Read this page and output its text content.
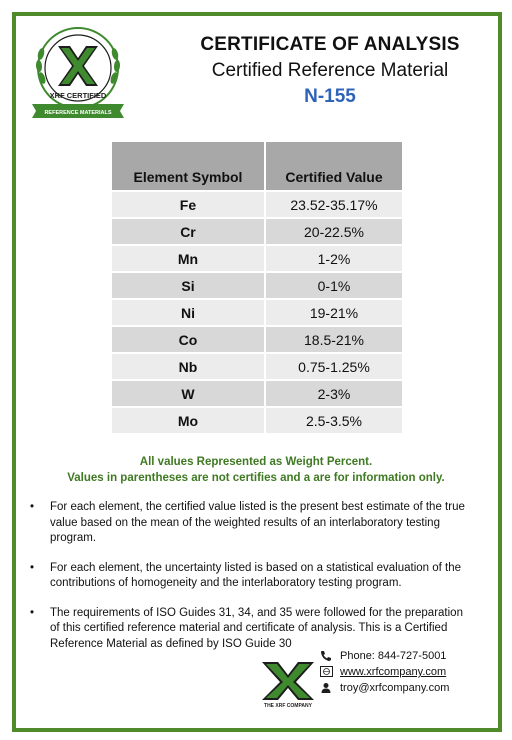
XRF CERTIFIED
REFERENCE MATERIALS
CERTIFICATE OF ANALYSIS
Certified Reference Material
N-155
Element Symbol	Certified Value
Fe	23.52-35.17%
Cr	20-22.5%
Mn	1-2%
Si	0-1%
Ni	19-21%
Co	18.5-21%
Nb	0.75-1.25%
W	2-3%
Mo	2.5-3.5%
All values Represented as Weight Percent.
Values in parentheses are not certifies and a are for information only.
• For each element, the certified value listed is the present best estimate of the true value based on the mean of the weighted results of an interlaboratory testing program.
• For each element, the uncertainty listed is based on a statistical evaluation of the contributions of homogeneity and the interlaboratory testing program.
• The requirements of ISO Guides 31, 34, and 35 were followed for the preparation of this certified reference material and certificate of analysis. This is a Certified Reference Material as defined by ISO Guide 30
THE XRF COMPANY
Phone: 844-727-5001
www.xrfcompany.com
troy@xrfcompany.com
